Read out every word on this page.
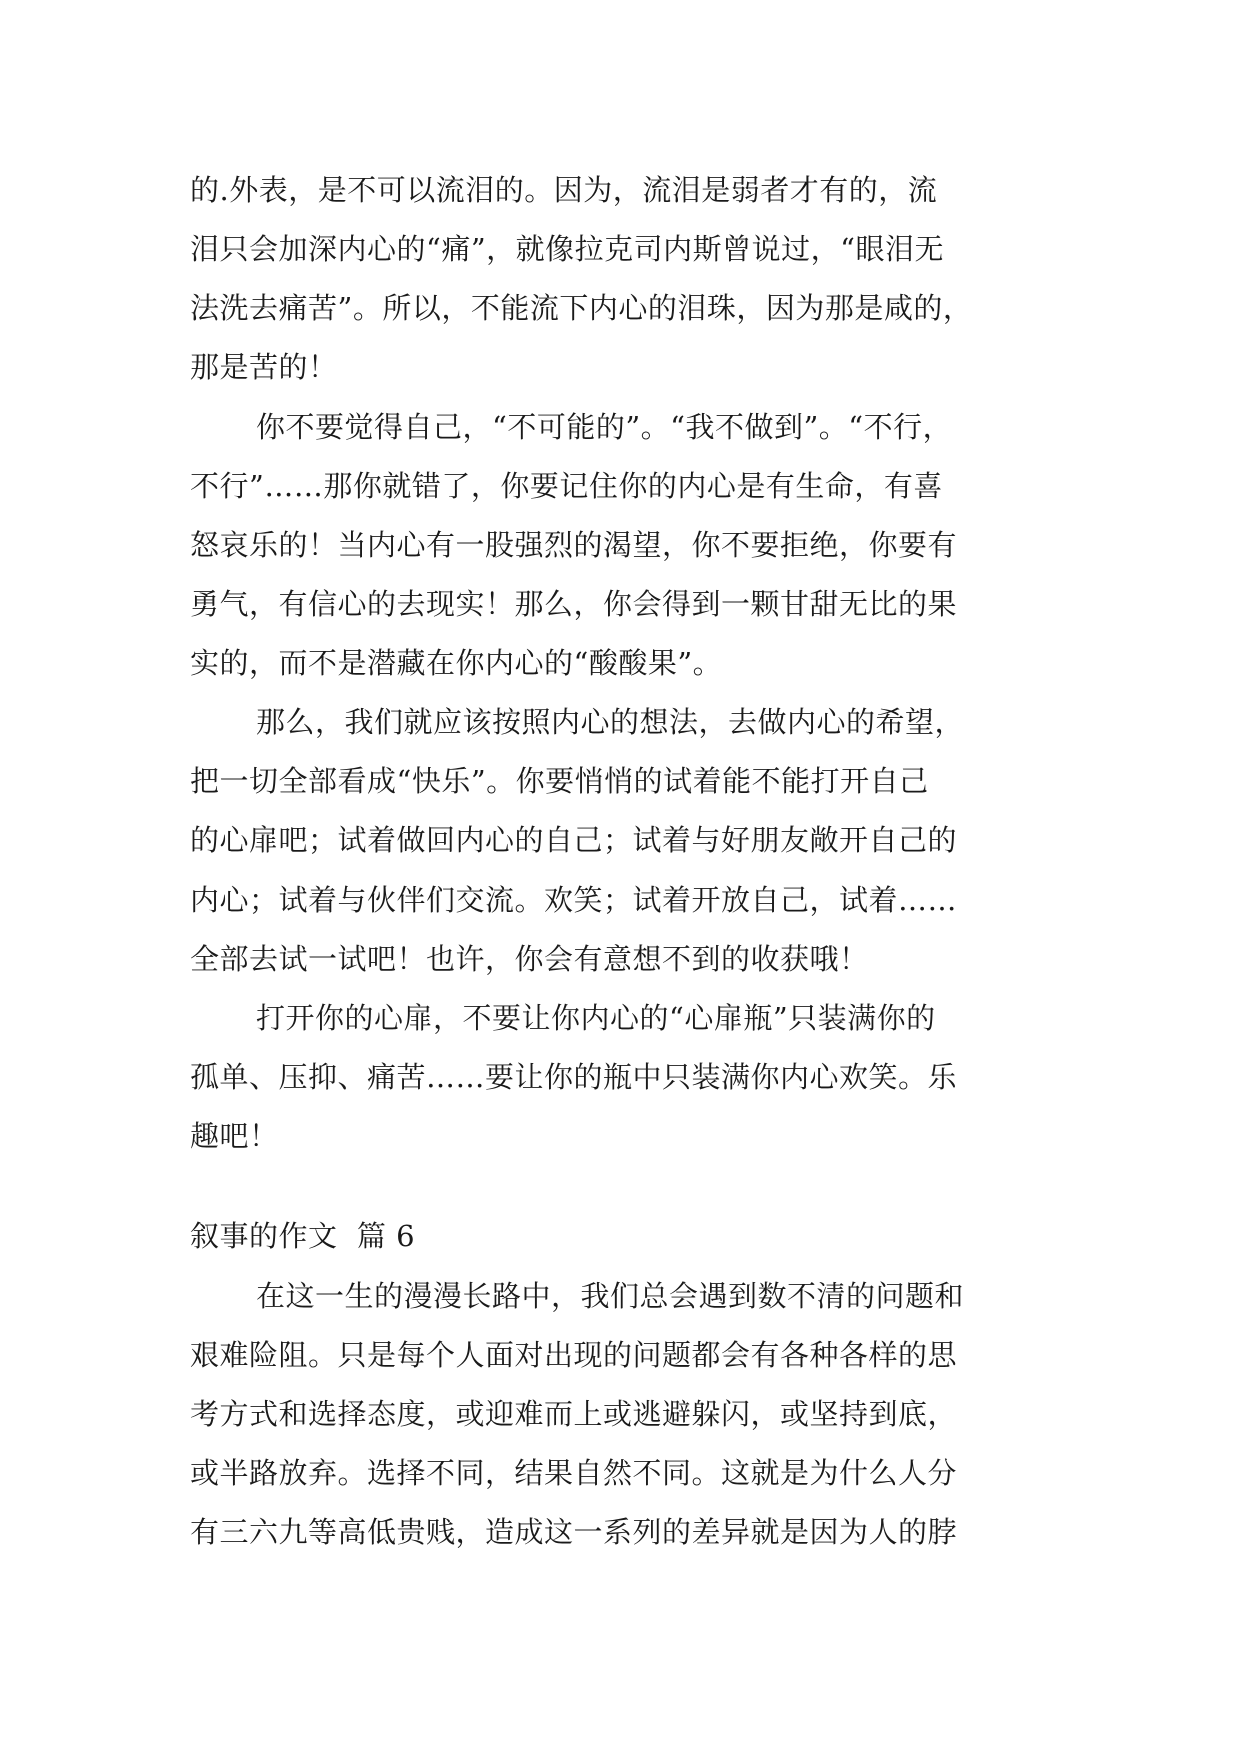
的.外表，是不可以流泪的。因为，流泪是弱者才有的，流
泪只会加深内心的“痛”，就像拉克司内斯曾说过，“眼泪无
法洗去痛苦”。所以，不能流下内心的泪珠，因为那是咸的，
那是苦的！
你不要觉得自己，“不可能的”。“我不做到”。“不行，
不行”……那你就错了，你要记住你的内心是有生命，有喜
怒哀乐的！当内心有一股强烈的渴望，你不要拒绝，你要有
勇气，有信心的去现实！那么，你会得到一颗甘甜无比的果
实的，而不是潜藏在你内心的“酸酸果”。
那么，我们就应该按照内心的想法，去做内心的希望，
把一切全部看成“快乐”。你要悄悄的试着能不能打开自己
的心扉吧；试着做回内心的自己；试着与好朋友敞开自己的
内心；试着与伙伴们交流。欢笑；试着开放自己，试着……
全部去试一试吧！也许，你会有意想不到的收获哦！
打开你的心扉，不要让你内心的“心扉瓶”只装满你的
孤单、压抑、痛苦……要让你的瓶中只装满你内心欢笑。乐
趣吧！
叙事的作文  篇 6
在这一生的漫漫长路中，我们总会遇到数不清的问题和
艰难险阻。只是每个人面对出现的问题都会有各种各样的思
考方式和选择态度，或迎难而上或逃避躲闪，或坚持到底，
或半路放弃。选择不同，结果自然不同。这就是为什么人分
有三六九等高低贵贱，造成这一系列的差异就是因为人的脖
